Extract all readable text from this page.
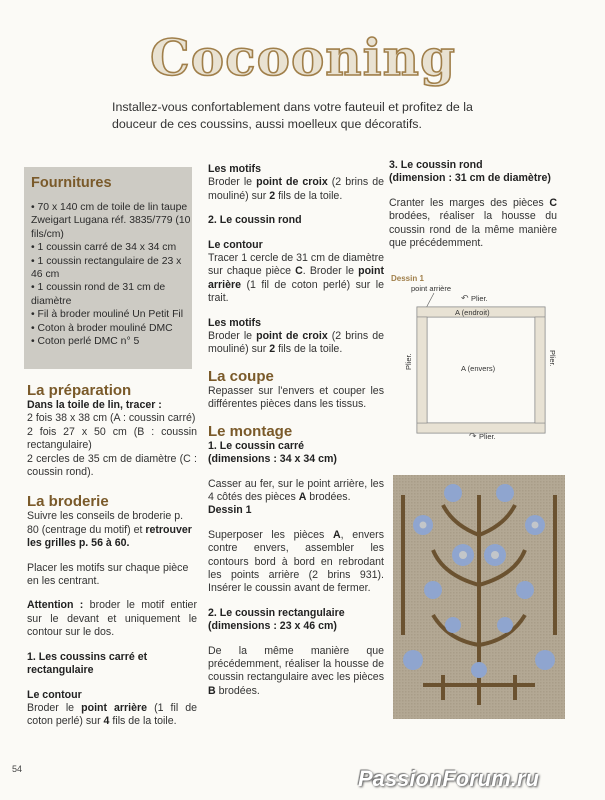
Cocooning
Installez-vous confortablement dans votre fauteuil et profitez de la douceur de ces coussins, aussi moelleux que décoratifs.
Fournitures
• 70 x 140 cm de toile de lin taupe Zweigart Lugana réf. 3835/779 (10 fils/cm)
• 1 coussin carré de 34 x 34 cm
• 1 coussin rectangulaire de 23 x 46 cm
• 1 coussin rond de 31 cm de diamètre
• Fil à broder mouliné Un Petit Fil
• Coton à broder mouliné DMC
• Coton perlé DMC n° 5
La préparation
Dans la toile de lin, tracer :
2 fois 38 x 38 cm (A : coussin carré)
2 fois 27 x 50 cm (B : coussin rectangulaire)
2 cercles de 35 cm de diamètre (C : coussin rond).
La broderie
Suivre les conseils de broderie p. 80 (centrage du motif) et retrouver les grilles p. 56 à 60.
Placer les motifs sur chaque pièce en les centrant.
Attention : broder le motif entier sur le devant et uniquement le contour sur le dos.
1. Les coussins carré et rectangulaire
Le contour
Broder le point arrière (1 fil de coton perlé) sur 4 fils de la toile.
Les motifs
Broder le point de croix (2 brins de mouliné) sur 2 fils de la toile.
2. Le coussin rond
Le contour
Tracer 1 cercle de 31 cm de diamètre sur chaque pièce C. Broder le point arrière (1 fil de coton perlé) sur le trait.
Les motifs
Broder le point de croix (2 brins de mouliné) sur 2 fils de la toile.
La coupe
Repasser sur l'envers et couper les différentes pièces dans les tissus.
Le montage
1. Le coussin carré
(dimensions : 34 x 34 cm)
Casser au fer, sur le point arrière, les 4 côtés des pièces A brodées.
Dessin 1
Superposer les pièces A, envers contre envers, assembler les contours bord à bord en rebrodant les points arrière (2 brins 931). Insérer le coussin avant de fermer.
2. Le coussin rectangulaire
(dimensions : 23 x 46 cm)
De la même manière que précédemment, réaliser la housse de coussin rectangulaire avec les pièces B brodées.
3. Le coussin rond
(dimension : 31 cm de diamètre)
Cranter les marges des pièces C brodées, réaliser la housse du coussin rond de la même manière que précédemment.
Dessin 1
point arrière
↶ Plier.
A (endroit)
A (envers)
Plier.	Plier.
↷ Plier.
54	PassionForum.ru
